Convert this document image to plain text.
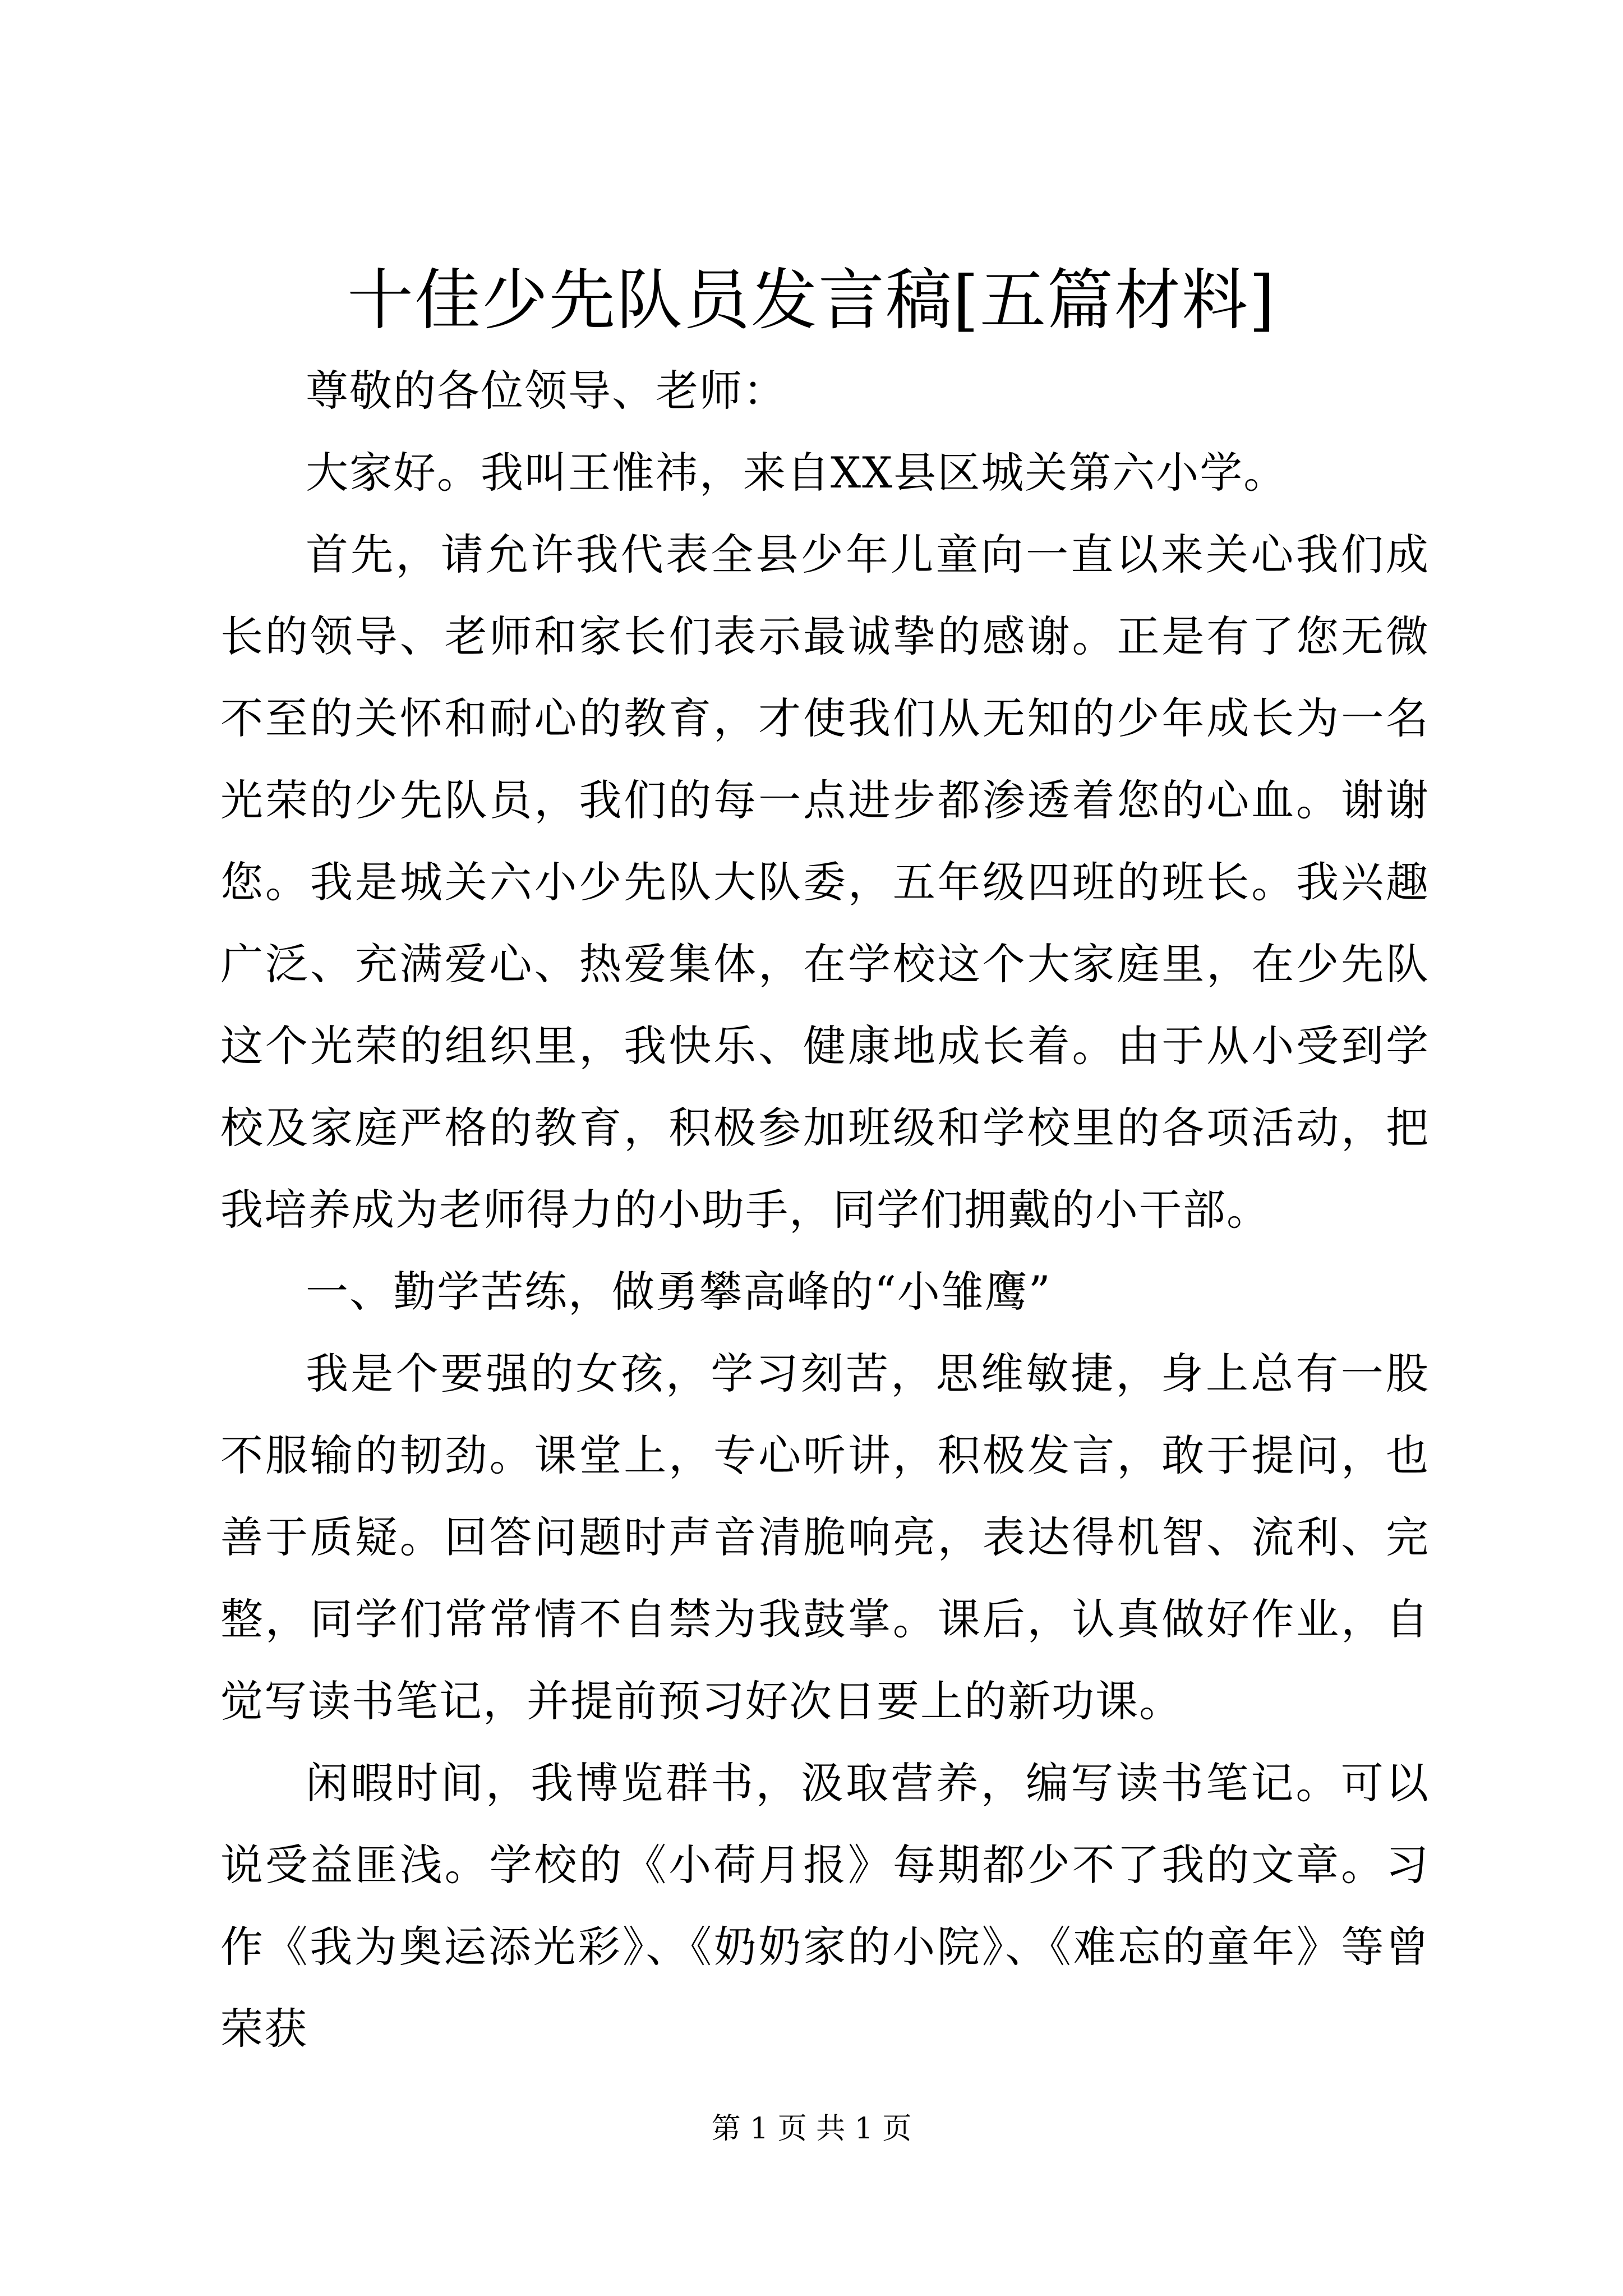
十佳少先队员发言稿[五篇材料]

尊敬的各位领导、老师：

大家好。我叫王惟祎，来自XX县区城关第六小学。

首先，请允许我代表全县少年儿童向一直以来关心我们成长的领导、老师和家长们表示最诚挚的感谢。正是有了您无微不至的关怀和耐心的教育，才使我们从无知的少年成长为一名光荣的少先队员，我们的每一点进步都渗透着您的心血。谢谢您。我是城关六小少先队大队委，五年级四班的班长。我兴趣广泛、充满爱心、热爱集体，在学校这个大家庭里，在少先队这个光荣的组织里，我快乐、健康地成长着。由于从小受到学校及家庭严格的教育，积极参加班级和学校里的各项活动，把我培养成为老师得力的小助手，同学们拥戴的小干部。

一、勤学苦练，做勇攀高峰的“小雏鹰”

我是个要强的女孩，学习刻苦，思维敏捷，身上总有一股不服输的韧劲。课堂上，专心听讲，积极发言，敢于提问，也善于质疑。回答问题时声音清脆响亮，表达得机智、流利、完整，同学们常常情不自禁为我鼓掌。课后，认真做好作业，自觉写读书笔记，并提前预习好次日要上的新功课。

闲暇时间，我博览群书，汲取营养，编写读书笔记。可以说受益匪浅。学校的《小荷月报》每期都少不了我的文章。习作《我为奥运添光彩》、《奶奶家的小院》、《难忘的童年》等曾荣获

第 1 页 共 1 页
